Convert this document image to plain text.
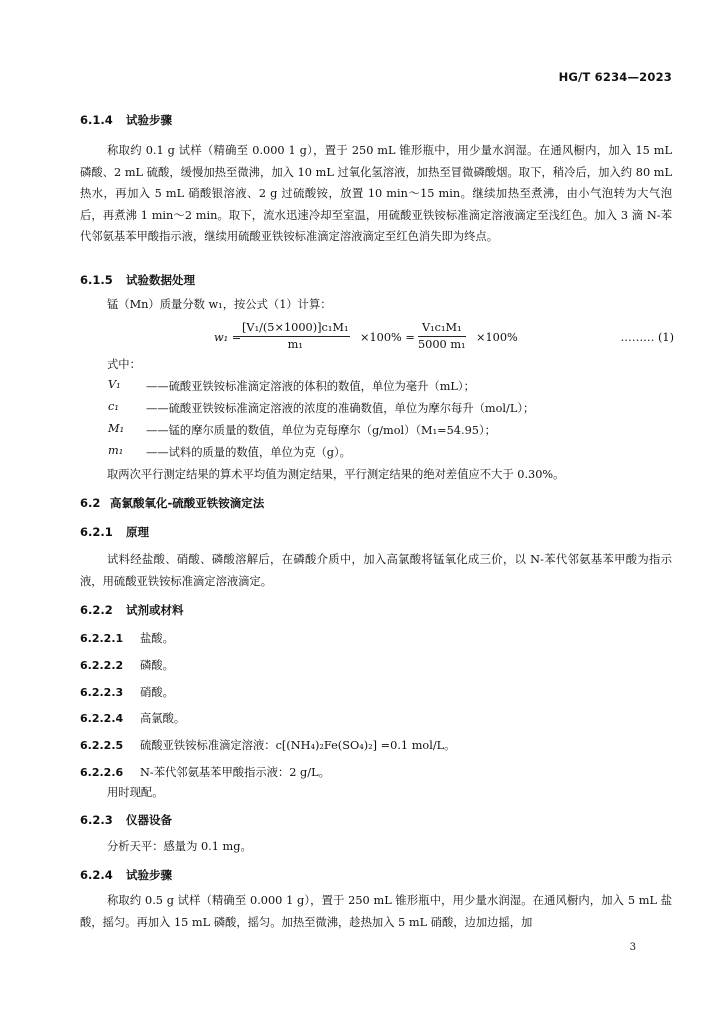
HG/T 6234—2023
6.1.4 试验步骤
称取约 0.1 g 试样（精确至 0.000 1 g），置于 250 mL 锥形瓶中，用少量水润湿。在通风橱内，加入 15 mL 磷酸、2 mL 硫酸，缓慢加热至微沸，加入 10 mL 过氧化氢溶液，加热至冒微磷酸烟。取下，稍冷后，加入约 80 mL 热水，再加入 5 mL 硝酸银溶液、2 g 过硫酸铵，放置 10 min～15 min。继续加热至煮沸，由小气泡转为大气泡后，再煮沸 1 min～2 min。取下，流水迅速冷却至室温，用硫酸亚铁铵标准滴定溶液滴定至浅红色。加入 3 滴 N-苯代邻氨基苯甲酸指示液，继续用硫酸亚铁铵标准滴定溶液滴定至红色消失即为终点。
6.1.5 试验数据处理
锰（Mn）质量分数 w₁，按公式（1）计算：
w₁ =
$\frac{\text{[V₁/(5×1000)]c₁M₁}}{\text{m₁}} \times 100\% = \frac{\text{V₁c₁M₁}}{\text{5000 m₁}} \times 100\%$	……… (1)
式中：
V₁ ——硫酸亚铁铵标准滴定溶液的体积的数值，单位为毫升（mL）；
c₁ ——硫酸亚铁铵标准滴定溶液的浓度的准确数值，单位为摩尔每升（mol/L）；
M₁ ——锰的摩尔质量的数值，单位为克每摩尔（g/mol）（M₁=54.95）；
m₁ ——试料的质量的数值，单位为克（g）。
取两次平行测定结果的算术平均值为测定结果，平行测定结果的绝对差值应不大于 0.30%。
6.2 高氯酸氧化-硫酸亚铁铵滴定法
6.2.1 原理
试料经盐酸、硝酸、磷酸溶解后，在磷酸介质中，加入高氯酸将锰氧化成三价，以 N-苯代邻氨基苯甲酸为指示液，用硫酸亚铁铵标准滴定溶液滴定。
6.2.2 试剂或材料
6.2.2.1 盐酸。
6.2.2.2 磷酸。
6.2.2.3 硝酸。
6.2.2.4 高氯酸。
6.2.2.5 硫酸亚铁铵标准滴定溶液：c[(NH₄)₂Fe(SO₄)₂] =0.1 mol/L。
6.2.2.6 N-苯代邻氨基苯甲酸指示液：2 g/L。
用时现配。
6.2.3 仪器设备
分析天平：感量为 0.1 mg。
6.2.4 试验步骤
称取约 0.5 g 试样（精确至 0.000 1 g），置于 250 mL 锥形瓶中，用少量水润湿。在通风橱内，加入 5 mL 盐酸，摇匀。再加入 15 mL 磷酸，摇匀。加热至微沸，趁热加入 5 mL 硝酸，边加边摇，加
3
